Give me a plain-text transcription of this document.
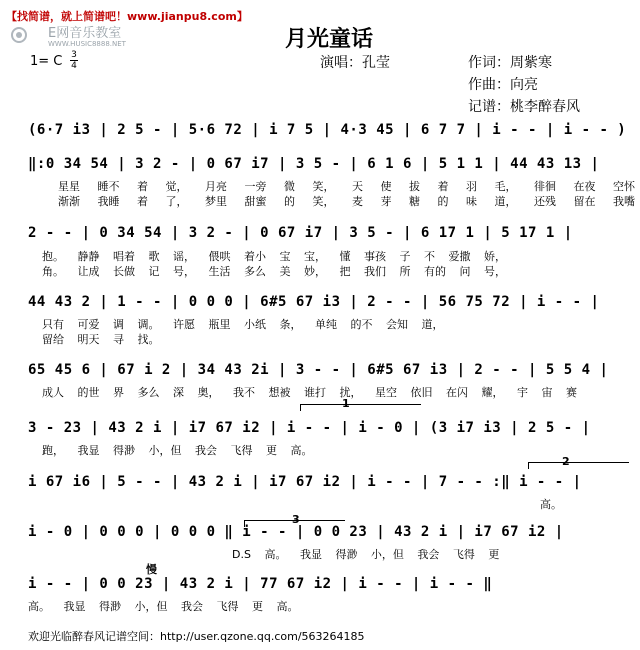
【找简谱，就上简谱吧！www.jianpu8.com】
E网音乐教室
WWW.HUSIC8888.NET	月光童话
1= C 3
4	演唱：孔莹	作词：周紫寒
作曲：向亮
记谱：桃李醉春风
(6·7 i3 | 2 5 - | 5·6 72 | i 7 5 | 4·3 45 | 6 7 7 | i - - | i - - )
‖:0 34 54 | 3 2 - | 0 67 i7 | 3 5 - | 6 1 6 | 5 1 1 | 44 43 13 |
星星 睡不 着 觉， 月亮 一旁 微 笑， 天 使 拔 着 羽 毛， 徘徊 在夜 空怀
渐渐 我睡 着 了， 梦里 甜蜜 的 笑， 麦 芽 糖 的 味 道， 还残 留在 我嘴
2 - - | 0 34 54 | 3 2 - | 0 67 i7 | 3 5 - | 6 17 1 | 5 17 1 |
抱。 静静 唱着 歌 谣， 偎哄 着小 宝 宝， 懂 事孩 子 不 爱撒 娇，
角。 让成 长做 记 号， 生活 多么 美 妙， 把 我们 所 有的 问 号，
44 43 2 | 1 - - | 0 0 0 | 6#5 67 i3 | 2 - - | 56 75 72 | i - - |
只有 可爱 调 调。 许愿 瓶里 小纸 条， 单纯 的不 会知 道，
留给 明天 寻 找。
65 45 6 | 67 i 2 | 34 43 2i | 3 - - | 6#5 67 i3 | 2 - - | 5 5 4 |
成人 的世 界 多么 深 奥， 我不 想被 谁打 扰， 星空 依旧 在闪 耀， 宇 宙 赛
1
3 - 23 | 43 2 i | i7 67 i2 | i - - | i - 0 | (3 i7 i3 | 2 5 - |
跑， 我显 得渺 小，但 我会 飞得 更 高。
2
i 67 i6 | 5 - - | 43 2 i | i7 67 i2 | i - - | 7 - - :‖ i - - |
高。
3
i - 0 | 0 0 0 | 0 0 0 ‖ i - - | 0 0 23 | 43 2 i | i7 67 i2 |
D.S 高。 我显 得渺 小，但 我会 飞得 更
慢
i - - | 0 0 23 | 43 2 i | 77 67 i2 | i - - | i - - ‖
高。 我显 得渺 小，但 我会 飞得 更 高。
欢迎光临醉春风记谱空间：http://user.qzone.qq.com/563264185
